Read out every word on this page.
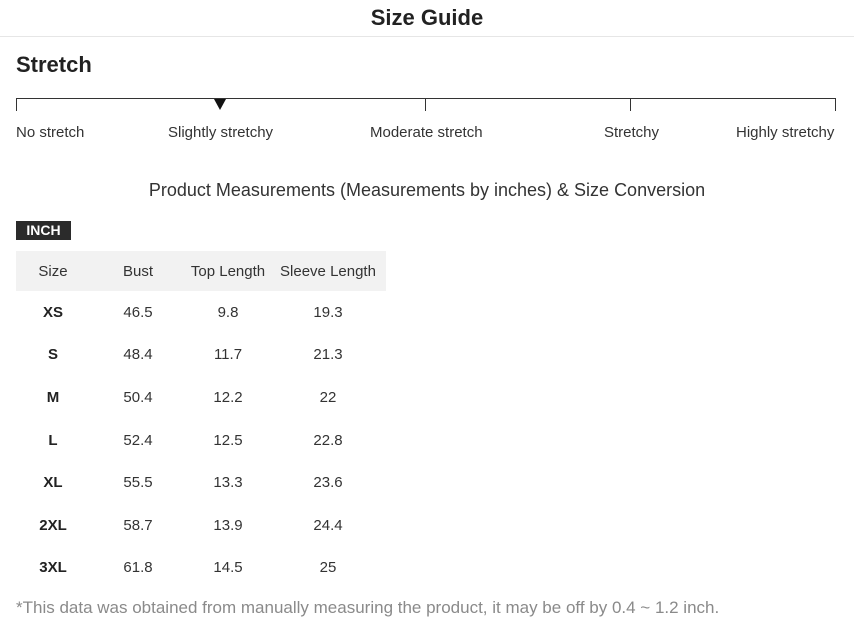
Size Guide
Stretch
No stretch	Slightly stretchy	Moderate stretch	Stretchy	Highly stretchy
Product Measurements (Measurements by inches) & Size Conversion
INCH
Size	Bust	Top Length	Sleeve Length
XS	46.5	9.8	19.3
S	48.4	11.7	21.3
M	50.4	12.2	22
L	52.4	12.5	22.8
XL	55.5	13.3	23.6
2XL	58.7	13.9	24.4
3XL	61.8	14.5	25
*This data was obtained from manually measuring the product, it may be off by 0.4 ~ 1.2 inch.
